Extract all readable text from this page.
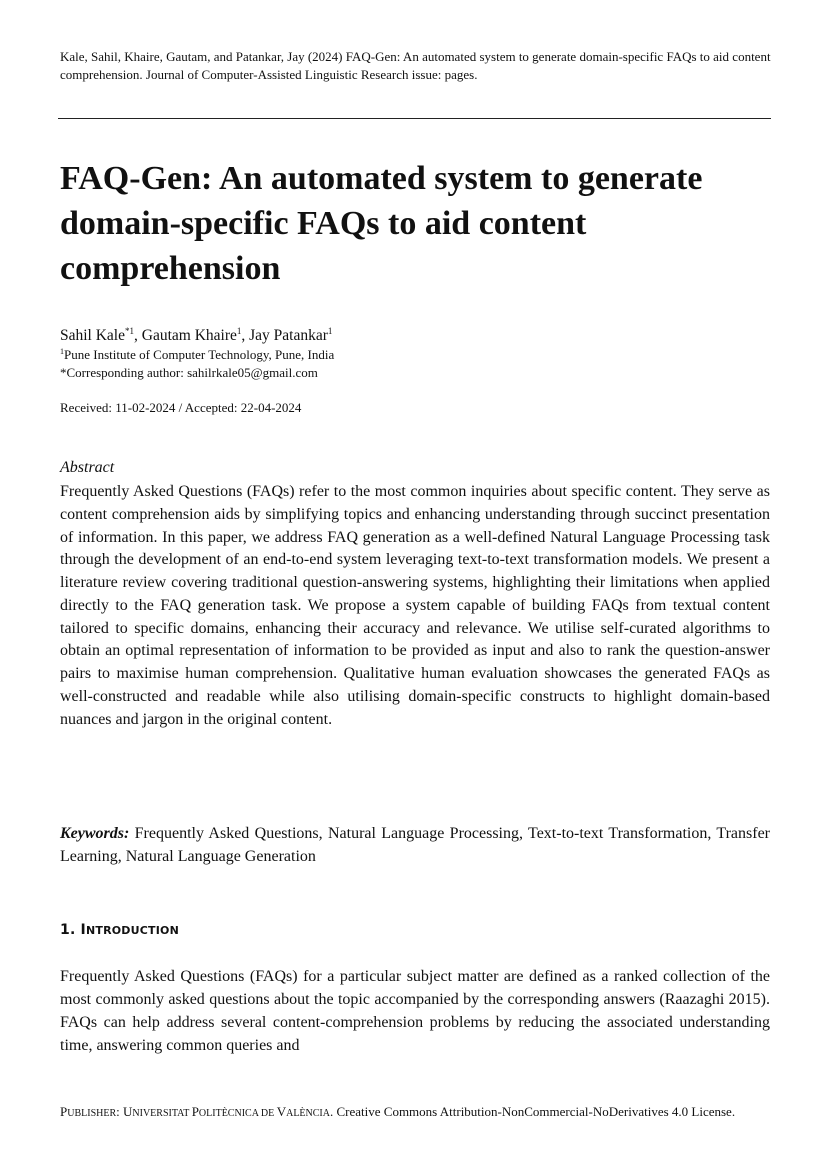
Kale, Sahil, Khaire, Gautam, and Patankar, Jay (2024) FAQ-Gen: An automated system to generate domain-specific FAQs to aid content comprehension. Journal of Computer-Assisted Linguistic Research issue: pages.
FAQ-Gen: An automated system to generate domain-specific FAQs to aid content comprehension
Sahil Kale$^{*1}$, Gautam Khaire$^1$, Jay Patankar$^1$
$^1$Pune Institute of Computer Technology, Pune, India
*Corresponding author: sahilrkale05@gmail.com
Received: 11-02-2024 / Accepted: 22-04-2024
Abstract
Frequently Asked Questions (FAQs) refer to the most common inquiries about specific content. They serve as content comprehension aids by simplifying topics and enhancing understanding through succinct presentation of information. In this paper, we address FAQ generation as a well-defined Natural Language Processing task through the development of an end-to-end system leveraging text-to-text transformation models. We present a literature review covering traditional question-answering systems, highlighting their limitations when applied directly to the FAQ generation task. We propose a system capable of building FAQs from textual content tailored to specific domains, enhancing their accuracy and relevance. We utilise self-curated algorithms to obtain an optimal representation of information to be provided as input and also to rank the question-answer pairs to maximise human comprehension. Qualitative human evaluation showcases the generated FAQs as well-constructed and readable while also utilising domain-specific constructs to highlight domain-based nuances and jargon in the original content.
Keywords: Frequently Asked Questions, Natural Language Processing, Text-to-text Transformation, Transfer Learning, Natural Language Generation
1. INTRODUCTION
Frequently Asked Questions (FAQs) for a particular subject matter are defined as a ranked collection of the most commonly asked questions about the topic accompanied by the corresponding answers (Raazaghi 2015). FAQs can help address several content-comprehension problems by reducing the associated understanding time, answering common queries and
PUBLISHER: UNIVERSITAT POLITÈCNICA DE VALÈNCIA. Creative Commons Attribution-NonCommercial-NoDerivatives 4.0 License.
